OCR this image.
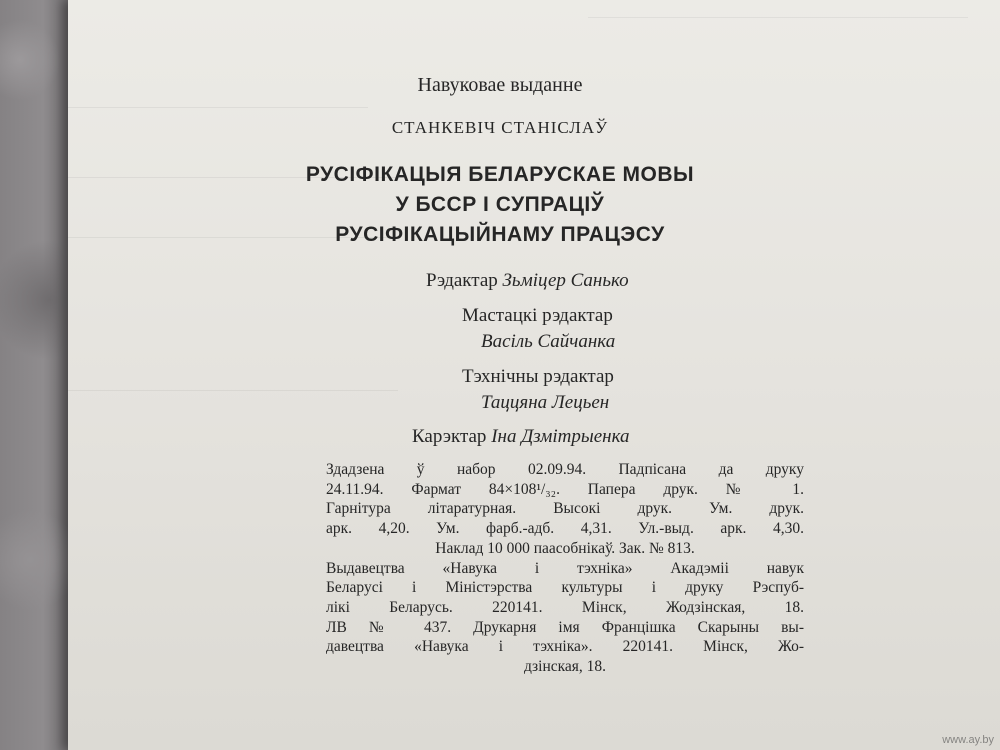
Навуковае выданне
СТАНКЕВІЧ СТАНІСЛАЎ
РУСІФІКАЦЫЯ БЕЛАРУСКАЕ МОВЫ
У БССР І СУПРАЦІЎ
РУСІФІКАЦЫЙНАМУ ПРАЦЭСУ
Рэдактар Зьміцер Санько
Мастацкі рэдактар
Васіль Сайчанка
Тэхнічны рэдактар
Таццяна Лецьен
Карэктар Іна Дзмітрыенка
Здадзена ў набор 02.09.94. Падпісана да друку
24.11.94. Фармат 84×108¹/₃₂. Папера друк. № 1.
Гарнітура літаратурная. Высокі друк. Ум. друк.
арк. 4,20. Ум. фарб.-адб. 4,31. Ул.-выд. арк. 4,30.
Наклад 10 000 паасобнікаў. Зак. № 813.
Выдавецтва «Навука і тэхніка» Акадэміі навук
Беларусі і Міністэрства культуры і друку Рэспуб-
лікі Беларусь. 220141. Мінск, Жодзінская, 18.
ЛВ № 437. Друкарня імя Францішка Скарыны вы-
давецтва «Навука і тэхніка». 220141. Мінск, Жо-
дзінская, 18.
www.ay.by
